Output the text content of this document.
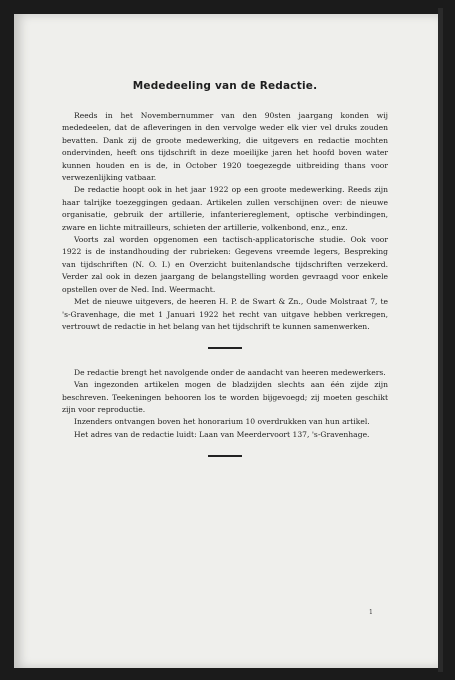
Mededeeling van de Redactie.

Reeds in het Novembernummer van den 90sten jaargang konden wij mededeelen, dat de afleveringen in den vervolge weder elk vier vel druks zouden bevatten. Dank zij de groote medewerking, die uitgevers en redactie mochten ondervinden, heeft ons tijdschrift in deze moeilijke jaren het hoofd boven water kunnen houden en is de, in October 1920 toegezegde uitbreiding thans voor verwezenlijking vatbaar.

De redactie hoopt ook in het jaar 1922 op een groote medewerking. Reeds zijn haar talrijke toezeggingen gedaan. Artikelen zullen verschijnen over: de nieuwe organisatie, gebruik der artillerie, infanteriereglement, optische verbindingen, zware en lichte mitrailleurs, schieten der artillerie, volkenbond, enz., enz.

Voorts zal worden opgenomen een tactisch-applicatorische studie. Ook voor 1922 is de instandhouding der rubrieken: Gegevens vreemde legers, Bespreking van tijdschriften (N. O. I.) en Overzicht buitenlandsche tijdschriften verzekerd. Verder zal ook in dezen jaargang de belangstelling worden gevraagd voor enkele opstellen over de Ned. Ind. Weermacht.

Met de nieuwe uitgevers, de heeren H. P. de Swart & Zn., Oude Molstraat 7, te 's-Gravenhage, die met 1 Januari 1922 het recht van uitgave hebben verkregen, vertrouwt de redactie in het belang van het tijdschrift te kunnen samenwerken.

De redactie brengt het navolgende onder de aandacht van heeren medewerkers.

Van ingezonden artikelen mogen de bladzijden slechts aan één zijde zijn beschreven. Teekeningen behooren los te worden bijgevoegd; zij moeten geschikt zijn voor reproductie.

Inzenders ontvangen boven het honorarium 10 overdrukken van hun artikel.

Het adres van de redactie luidt: Laan van Meerdervoort 137, 's-Gravenhage.

1
